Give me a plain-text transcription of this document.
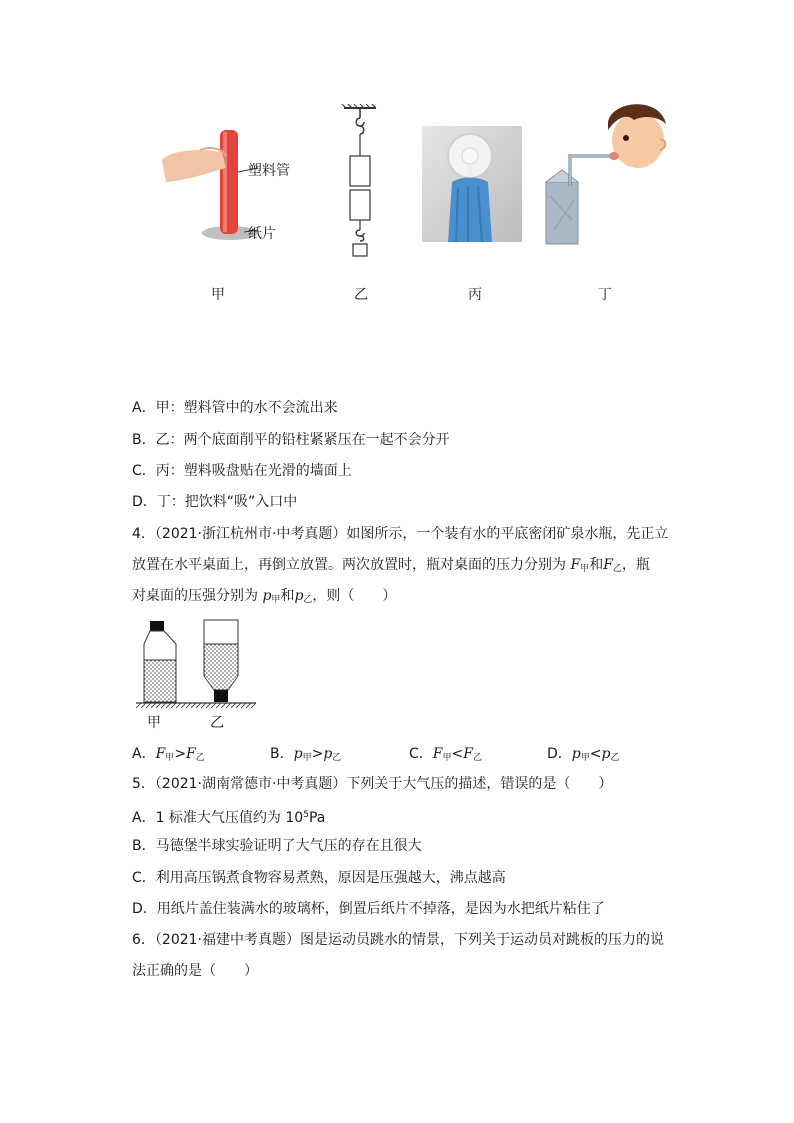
塑料管
纸片
甲	乙	丙	丁
A．甲：塑料管中的水不会流出来
B．乙：两个底面削平的铅柱紧紧压在一起不会分开
C．丙：塑料吸盘贴在光滑的墙面上
D．丁：把饮料“吸”入口中
4．（2021·浙江杭州市·中考真题）如图所示，一个装有水的平底密闭矿泉水瓶，先正立
放置在水平桌面上，再倒立放置。两次放置时，瓶对桌面的压力分别为 $F_甲$和$F_乙$，瓶
对桌面的压强分别为 $p_甲$和$p_乙$，则（　　）
甲	乙
A．$F_甲>F_乙$	B．$p_甲>p_乙$	C．$F_甲<F_乙$	D．$p_甲<p_乙$
5．（2021·湖南常德市·中考真题）下列关于大气压的描述，错误的是（　　）
A．1 标准大气压值约为 $10^5Pa$
B．马德堡半球实验证明了大气压的存在且很大
C．利用高压锅煮食物容易煮熟，原因是压强越大，沸点越高
D．用纸片盖住装满水的玻璃杯，倒置后纸片不掉落，是因为水把纸片粘住了
6．（2021·福建中考真题）图是运动员跳水的情景，下列关于运动员对跳板的压力的说
法正确的是（　　）
